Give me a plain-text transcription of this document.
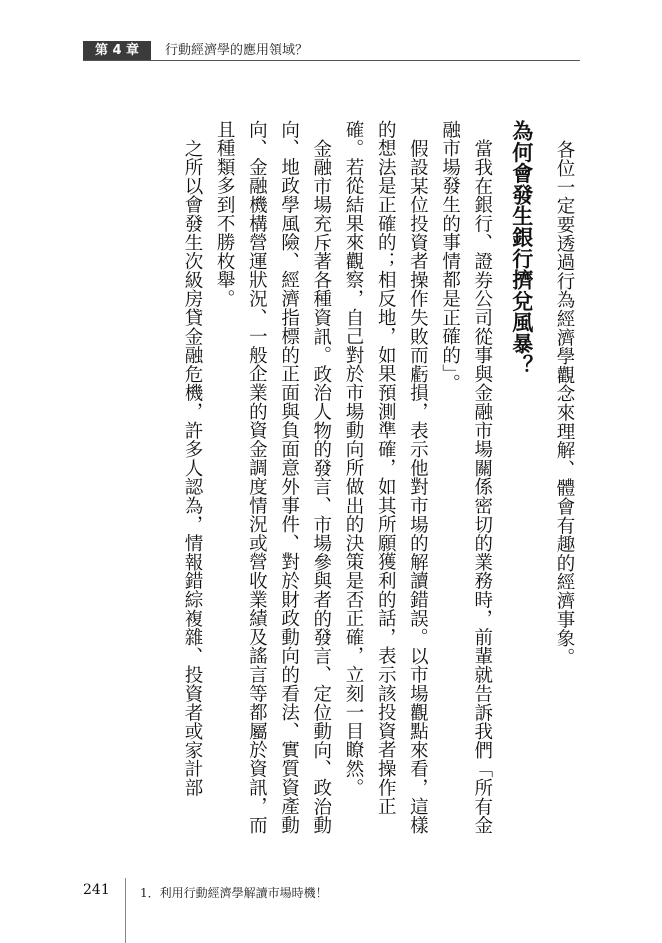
第 4 章	行動經濟學的應用領域？

各位一定要透過行為經濟學觀念來理解、體會有趣的經濟事象。

為何會發生銀行擠兌風暴？

當我在銀行、證券公司從事與金融市場關係密切的業務時，前輩就告訴我們「所有金融市場發生的事情都是正確的」。

假設某位投資者操作失敗而虧損，表示他對市場的解讀錯誤。以市場觀點來看，這樣的想法是正確的；相反地，如果預測準確，如其所願獲利的話，表示該投資者操作正確。若從結果來觀察，自己對於市場動向所做出的決策是否正確，立刻一目瞭然。

金融市場充斥著各種資訊。政治人物的發言、市場參與者的發言、定位動向、政治動向、地政學風險、經濟指標的正面與負面意外事件、對於財政動向的看法、實質資產動向、金融機構營運狀況、一般企業的資金調度情況或營收業績及謠言等都屬於資訊，而且種類多到不勝枚舉。

之所以會發生次級房貸金融危機，許多人認為，情報錯綜複雜、投資者或家計部

241	1．利用行動經濟學解讀市場時機！
